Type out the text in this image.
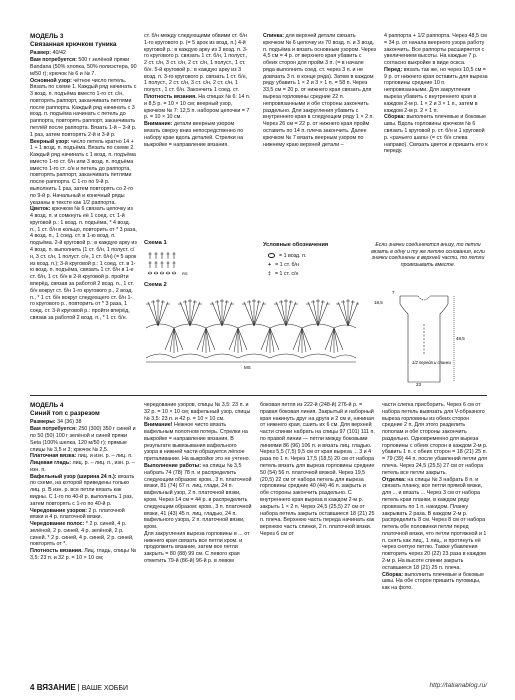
МОДЕЛЬ 3
Связанная крючком туника

Размер: 40/42

Вам потребуется: 500 г зелёной пряжи Bandana (50% хлопка, 50% полиэстера, 90 м/50 г); крючок № 6 и № 7.

Основной узор: чётное число петель. Вязать по схеме 1. Каждый ряд начинать с 3 возд. п. подъёма вместо 1-го ст. с/н, повторять раппорт, заканчивать петлями после раппорта. Каждый ряд начинать с 3 возд. п. подъёма начинать с петель до раппорта, повторять раппорт, заканчивать петлёй после раппорта. Вязать 1-й – 3-й р. 1 раз, затем повторять 2-й и 3-й р.

Веерный узор: число петель кратно 14 + 1 + 1 возд. п. подъёма. Вязать по схеме 2. Каждый ряд начинать с 1 возд. п. подъёма вместо 1-го ст. б/н или 3 возд. п. подъёма вместо 1-го ст. с/н и петель до раппорта, повторять раппорт, заканчивать петлями после раппорта. С 1-го по 9-й р. выполнить 1 раз, затем повторять со 2-го по 9-й р. Начальный и конечный ряды указаны в тексте как 1/2 раппорта.

Цветок: крючком № 6 связать цепочку из 4 возд. п. и сомкнуть её 1 соед. ст. 1-й круговой р.: 1 возд. п. подъёма, * 4 возд. п., 1 ст. б/н в кольцо, повторить от * 3 раза, 4 возд. п., 1 соед. ст. в 1-ю возд. п. подъёма. 2-й круговой р.: в каждую арку из 4 возд. п. выполнить (1 ст. б/н, 1 полуст. с/н, 3 ст. с/н, 1 полуст. с/н, 1 ст. б/н) (= 5 арок из возд. п.); 3-й круговой р.: 1 соед. ст. в 1-ю возд. п. подъёма, связать 1 ст. б/н в 1-е ст. б/н, 1 ст. б/н в 2-й круговой р. пройти вперёд, связав за работой 2 возд. п., 1 ст. б/н вокруг ст. б/н 1-го кругового р., 2 возд. п., * 1 ст. б/н вокруг следующего ст. б/н 1-го кругового р., повторить от * 3 раза, 1 соед. ст. 3-й круговой р.: пройти вперёд, связав за работой 2 возд. п., * 1 ст. б/н.

ст. б/н между следующими обвими ст. б/н 1-го кругового р. (= 5 арок из возд. п.) 4-й круговой р.: в каждую арку из 3 возд. п. 3-го кругового р. связать 1 ст. б/н, 1 полуст., 2 ст. с/н, 3 ст. с/н, 2 ст. с/н, 1 полуст., 1 ст. б/н. 5-й круговой р.: в каждую арку из 3 возд. п. 3-го кругового р. связать 1 ст. б/н, 1 полуст., 2 ст. с/н, 3 ст. с/н, 2 ст. с/н, 1 полуст., 1 ст. б/н. Закончить 1 соед. ст.

Плотность вязания. На спицах № 6: 14 п. и 8,5 р. = 10 × 10 см; веерный узор, крючком № 7: 12,5 п. набором цепочки = 7 р. = 10 × 10 см.

Внимание: детали веерным узором вязать сверху вниз непосредственно по набору крае вдоль деталей. Стрелки на выкройке = направление вязания.

Спинка: для верхней детали связать крючком № 6 цепочку из 70 возд. п. и 3 возд. п. подъёма и вязать основным узором. Через 4,5 см = 4 р. от верхнего края убавить с обеих сторон для пройм 3 п. (= в начале ряда выполнить соед. ст. через 3 п. и не довязать 3 п. в конце ряда). Затем в каждом ряду убавить 1 × 2 и 3 × 1 п. = 58 п. Через 33,5 см = 20 р. от нижнего края связать для выреза горловины средние 22 п. непровязанными и обе стороны закончить раздельно. Для закругления убавить с внутреннего края в следующем ряду 1 × 2 п. Через 26 см = 22 р. от нижнего края пройм оставить по 14 п. плеча закончить. Далее крючком № 7 вязать веерным узором по нижнему краю верхней детали –

4 раппорта + 1/2 раппорта. Через 48,5 см = 34 р. от начала веерного узора работу закончить. Все раппорты расширяется с увеличением высоты. На каждые 7 р. согласно выкройке в виде оскса.

Перед: вязать так же, но через 10,5 см = 9 р. от нижнего края оставить для выреза горловины средние 10 п. непровязанными. Для закругления выреза убавить с внутреннего края в каждом 2-м р. 1 × 2 и 3 × 1 п., затем в каждом 2-м р. 2 × 1 п.

Сборка: выполнить плечевые и боковые швы. Вдоль горловины крючком № 6 связать 1 круговой р. ст. б/н и 1 круговой р. «рачьего шага» (= ст. б/н слева направо). Связать цветок и пришить его к переду.

Схема 1
RS
Условные обозначения
= 1 возд. п.
+ = 1 ст. б/н
‡ = 1 ст. с/н
Если значки соединяются внизу, то петли вязать в одну и ту же петлю основания, если значки соединены в верхней части, то петли провязывать вместе.
Схема 2
MS
7
18,5
48,5
23
1/2 переда и спинки
МОДЕЛЬ 4
Синий топ с разрезом

Размеры: 34 (36) 38

Вам потребуется: 250 (300) 350 г синей и по 50 (50) 100 г зелёной и синей пряжи Seta (100% шелка, 120 м/50 г); прямые спицы № 3,5 и 3; крючок № 2,5.

Платочная вязка: лиц. и изн. р. – лиц. п.

Лицевая гладь: лиц. р. – лиц. п., изн. р. – изн. п.

Вафельный узор (ширина 24 п.): вязать по схеме, на которой приведены только лиц. р. В изн. р. все петли вязать как видны. С 1-го по 40-й р. выполнить 1 раз, затем повторять с 1-го по 40-й р.

Чередование узоров: 2 р. платочной вязки и 4 р. платочной вязки.

Чередование полос: * 2 р. синей, 4 р. зелёной, 2 р. синей, 4 р. зелёной, 2 р. синей. * 2 р. синей, 4 р. синей, 2 р. синей, повторять от *.

Плотность вязания. Лиц. гладь, спицы № 3,5: 23 п. и 32 р. = 10 × 10 см;

чередование узоров, спицы № 3,5: 23 п. и 32 р. = 10 × 10 см; вафельный узор, спицы № 3,5: 23 п. и 42 р. = 10 × 10 см.

Внимание! Нежное чисто вязать вафельным полотном потерь. Стрелки на выкройке = направление вязания. В результате вывязывания вафельного узора в нижней части образуется лёгкое приталивание. На выкройке это не учтено.

Выполнение работы: на спицы № 3,5 набрать 74 (78) 78 п. и распределить следующим образом: кром., 3 п. платочной вязки, 81 (74) 67 п. лиц. глади, 24 п. вафельный узор, 2 п. платочной вязки, кром. Через 14 см = 44 р. в распределить следующим образом: кром., 3 п. платочной вязки, 41 (43) 45 п. лиц. гладью, 24 п. вафельного узора, 2 п. платочной вязки, кром.

Для закругления выреза горловины в ... от нижнего края связать все петли кром. и продолжить вязание, затем все петли закрыть = 80 (88) 99 см. С левого края отметить 79-й (86-й) 96-й р. в левом

боковая петля из 222-й (248-й) 276-й р. = правая боковая линия. Закрытый и наборный края накинуть друг на друга и 2 см и, начиная от нижнего края, сшить их 6 см. Для верхней части спинки набрать на спицы 97 (101) 111 п. по правой линии — петли между боковыми линиями 86 (96) 106 п. и вязать лиц. гладью. Через 5,5 (7,5) 9,5 см от края выреза ... 3 и 4 раза по 1 п. Через 17,5 (18,5) 20 см от набора петель вязать для выреза горловины средние 50 (54) 56 п. платочной вязкой. Через 19,5 (20,5) 22 см от набора петель для выреза горловины средние 40 (44) 46 п. закрыть и обе стороны закончить раздельно. С внутреннего края выреза в каждом 2-м р. закрыть 1 × 2 п. Через 24,5 (25,5) 27 см от набора петель закрыть оставшиеся 18 (21) 25 п. плеча. Верхнюю часть переда начинать как верхнюю часть спинки, 2 п. платочной вязки. Через 6 см от

части слегка присборить. Через 6 см от набора петель вывязать для V-образного выреза горловины из обеих сторон средние 2 п. Для этого разделить пополам и обе стороны закончить раздельно. Одновременно для выреза горловины с обеих сторон в каждом 2-м р. убавить 1 п. с обеих сторон = 18 (21) 25 п. = 79 (39) 44 п. после убавлений петли для плеча. Через 24,5 (25,5) 27 см от набора петель все петли закрыть.

Отделка: на спицы № 3 набрать 8 п. и связать планку, все петли прямой вязки, для ... и вязать ... Через 3 см от набора петель края планки, в каждом ряду провязать по 1 п. накидом. Планку закрывать 2 раза. В каждом 2-м р. распределить 8 см. Через 8 см от набора петель обе половинки петли перед платочной вязки, что петли протяжной и 1 п. снять как лиц., 1 лиц., и протянуть её через снятую петлю. Также убавления повторить через 20 (22) 23 раза в каждом 2-м р. На высоте спинки закрыть оставшиеся 18 (21) 25 п. плеча.

Сборка: выполнить плечевые и боковые швы. На обе сторон пришить пуговицы, как на фото.

4 ВЯЗАНИЕ | ВАШЕ ХОББИ	http://tatianablog.ru/
